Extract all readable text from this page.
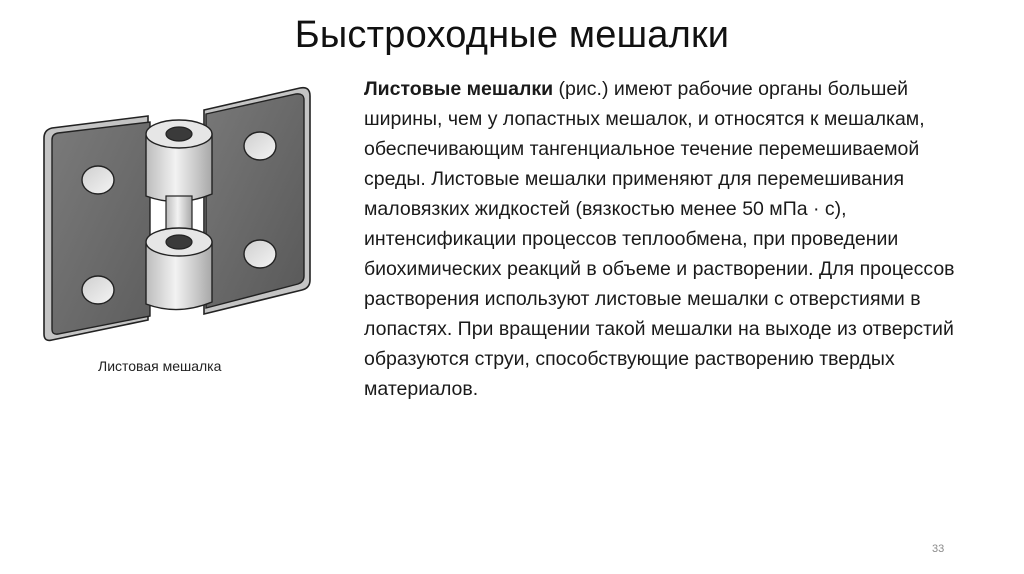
Быстроходные мешалки

Листовая мешалка

Листовые мешалки (рис.) имеют рабочие органы большей ширины, чем у лопастных мешалок, и относятся к мешалкам, обеспечивающим тангенциальное течение перемешиваемой среды. Листовые мешалки применяют для перемешивания маловязких жидкостей (вязкостью менее 50 мПа · с), интенсификации процессов теплообмена, при проведении биохимических реакций в объеме и растворении. Для процессов растворения используют листовые мешалки с отверстиями в лопастях. При вращении такой мешалки на выходе из отверстий образуются струи, способствующие растворению твердых материалов.

33
